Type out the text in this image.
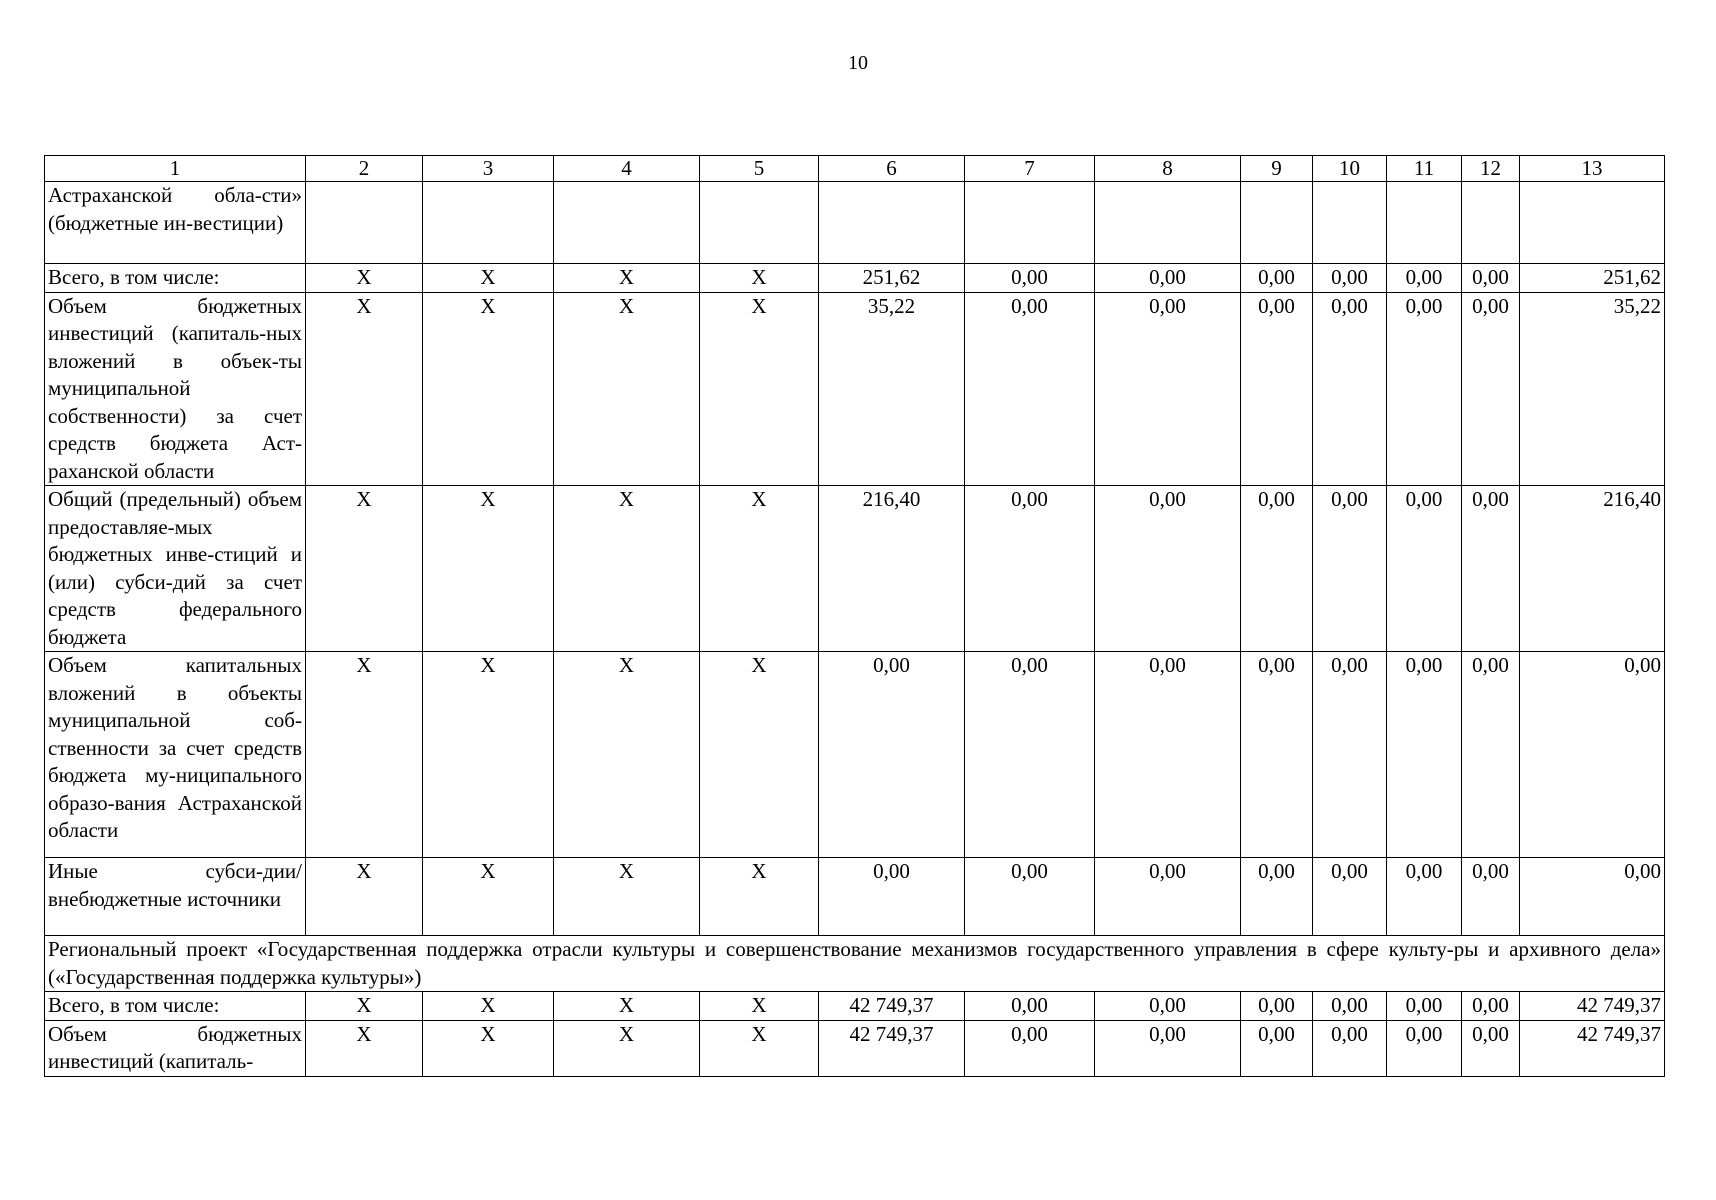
10
1	2	3	4	5	6	7	8	9	10	11	12	13
Астраханской обла-сти» (бюджетные ин-вестиции)												
Всего, в том числе:	Х	Х	Х	Х	251,62	0,00	0,00	0,00	0,00	0,00	0,00	251,62
Объем бюджетных инвестиций (капиталь-ных вложений в объек-ты муниципальной собственности) за счет средств бюджета Аст-раханской области	Х	Х	Х	Х	35,22	0,00	0,00	0,00	0,00	0,00	0,00	35,22
Общий (предельный) объем предоставляе-мых бюджетных инве-стиций и (или) субси-дий за счет средств федерального бюджета	Х	Х	Х	Х	216,40	0,00	0,00	0,00	0,00	0,00	0,00	216,40
Объем капитальных вложений в объекты муниципальной соб-ственности за счет средств бюджета му-ниципального образо-вания Астраханской области	Х	Х	Х	Х	0,00	0,00	0,00	0,00	0,00	0,00	0,00	0,00
Иные субси-дии/внебюджетные источники	Х	Х	Х	Х	0,00	0,00	0,00	0,00	0,00	0,00	0,00	0,00
Региональный проект «Государственная поддержка отрасли культуры и совершенствование механизмов государственного управления в сфере культу-ры и архивного дела» («Государственная поддержка культуры»)												
Всего, в том числе:	Х	Х	Х	Х	42 749,37	0,00	0,00	0,00	0,00	0,00	0,00	42 749,37
Объем бюджетных инвестиций (капиталь-	Х	Х	Х	Х	42 749,37	0,00	0,00	0,00	0,00	0,00	0,00	42 749,37
